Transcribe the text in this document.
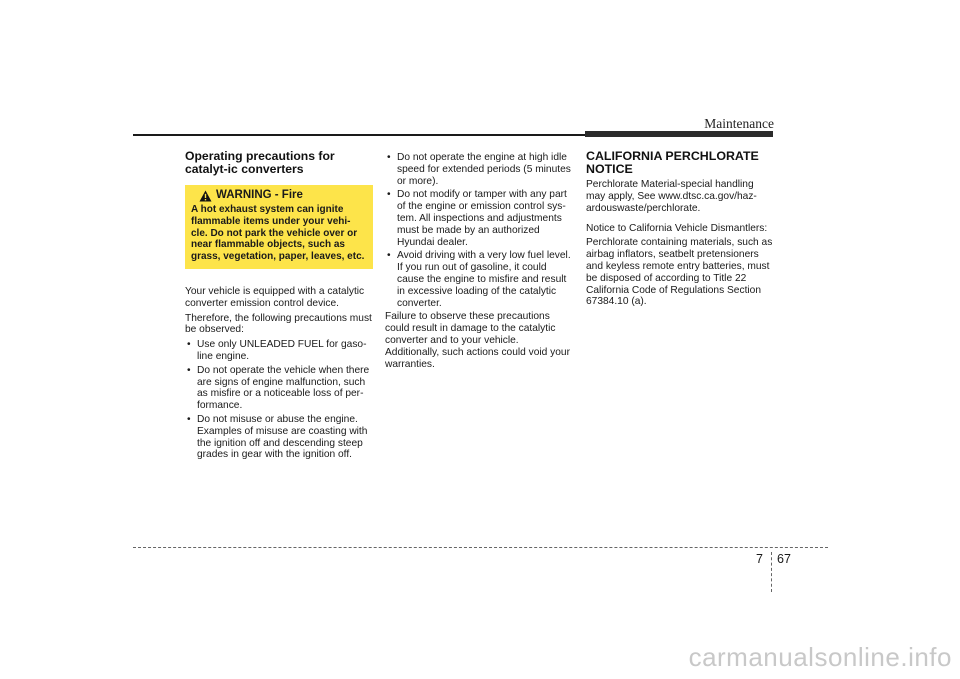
Maintenance
Operating precautions for catalyt-ic converters
WARNING - Fire
A hot exhaust system can ignite flammable items under your vehi-cle. Do not park the vehicle over or near flammable objects, such as grass, vegetation, paper, leaves, etc.

Your vehicle is equipped with a catalytic converter emission control device.

Therefore, the following precautions must be observed:

• Use only UNLEADED FUEL for gaso-line engine.
• Do not operate the vehicle when there are signs of engine malfunction, such as misfire or a noticeable loss of per-formance.
• Do not misuse or abuse the engine. Examples of misuse are coasting with the ignition off and descending steep grades in gear with the ignition off.
• Do not operate the engine at high idle speed for extended periods (5 minutes or more).
• Do not modify or tamper with any part of the engine or emission control sys-tem. All inspections and adjustments must be made by an authorized Hyundai dealer.
• Avoid driving with a very low fuel level. If you run out of gasoline, it could cause the engine to misfire and result in excessive loading of the catalytic converter.

Failure to observe these precautions could result in damage to the catalytic converter and to your vehicle. Additionally, such actions could void your warranties.

CALIFORNIA PERCHLORATE NOTICE

Perchlorate Material-special handling may apply, See www.dtsc.ca.gov/haz-ardouswaste/perchlorate.

Notice to California Vehicle Dismantlers:

Perchlorate containing materials, such as airbag inflators, seatbelt pretensioners and keyless remote entry batteries, must be disposed of according to Title 22 California Code of Regulations Section 67384.10 (a).

7 67
carmanualsonline.info
